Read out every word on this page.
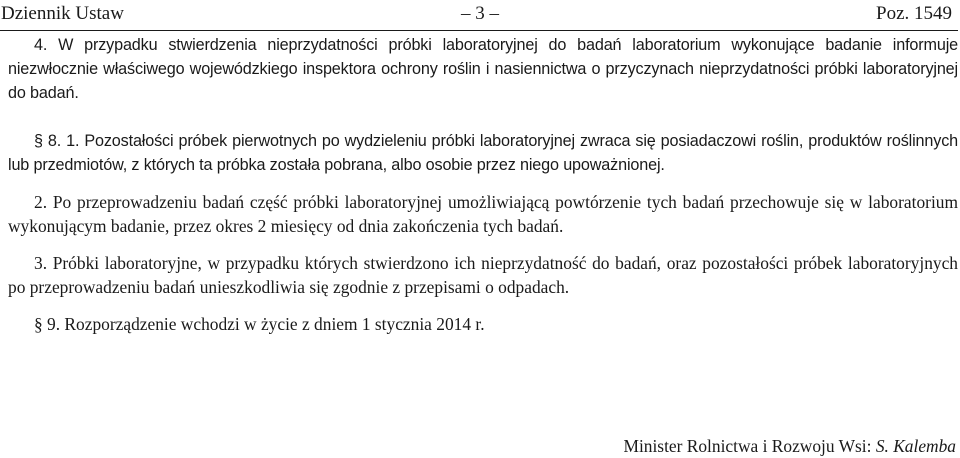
Dziennik Ustaw	– 3 –	Poz. 1549

4. W przypadku stwierdzenia nieprzydatności próbki laboratoryjnej do badań laboratorium wykonujące badanie informuje niezwłocznie właściwego wojewódzkiego inspektora ochrony roślin i nasiennictwa o przyczynach nieprzydatności próbki laboratoryjnej do badań.

§ 8. 1. Pozostałości próbek pierwotnych po wydzieleniu próbki laboratoryjnej zwraca się posiadaczowi roślin, produktów roślinnych lub przedmiotów, z których ta próbka została pobrana, albo osobie przez niego upoważnionej.

2. Po przeprowadzeniu badań część próbki laboratoryjnej umożliwiającą powtórzenie tych badań przechowuje się w laboratorium wykonującym badanie, przez okres 2 miesięcy od dnia zakończenia tych badań.

3. Próbki laboratoryjne, w przypadku których stwierdzono ich nieprzydatność do badań, oraz pozostałości próbek laboratoryjnych po przeprowadzeniu badań unieszkodliwia się zgodnie z przepisami o odpadach.

§ 9. Rozporządzenie wchodzi w życie z dniem 1 stycznia 2014 r.

Minister Rolnictwa i Rozwoju Wsi: S. Kalemba
